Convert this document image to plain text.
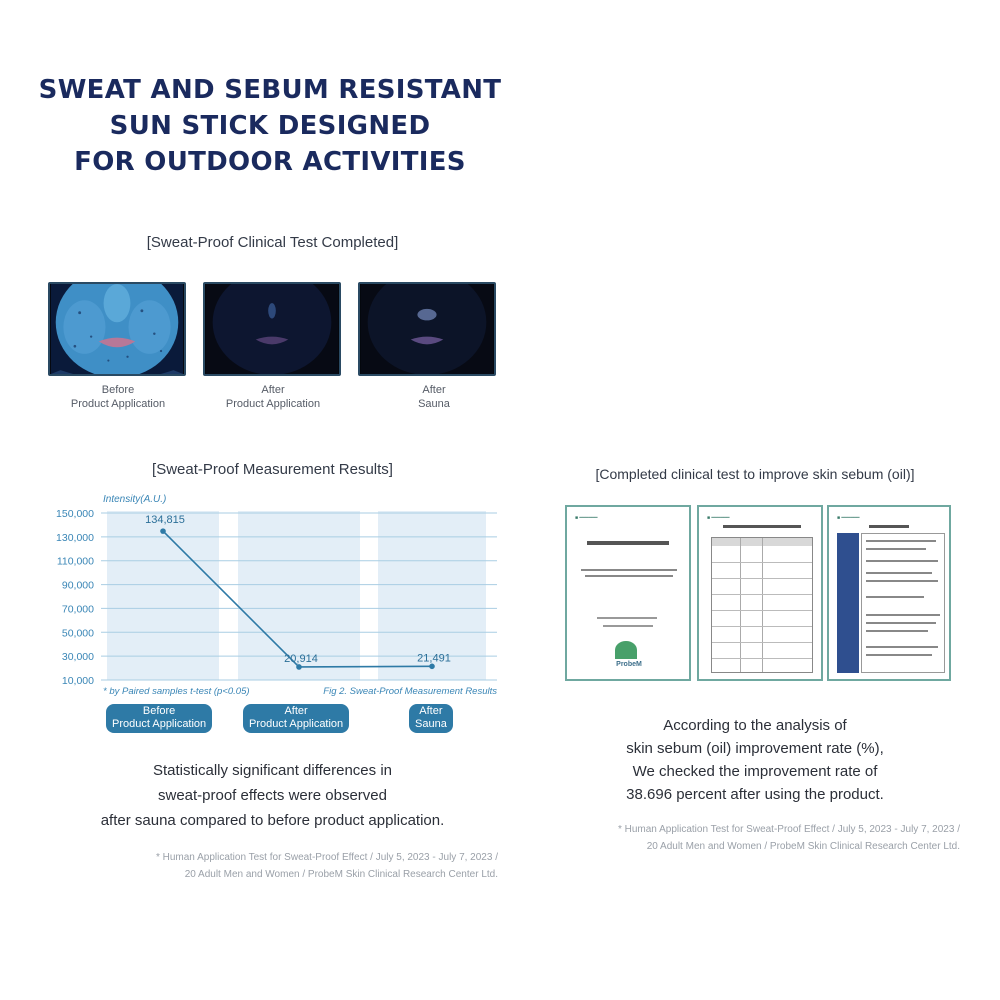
SWEAT AND SEBUM RESISTANT
SUN STICK DESIGNED
FOR OUTDOOR ACTIVITIES
[Sweat-Proof Clinical Test Completed]
Before
Product Application
After
Product Application
After
Sauna
[Sweat-Proof Measurement Results]
150,000
130,000
110,000
90,000
70,000
50,000
30,000
10,000
Intensity(A.U.)
134,815
20,914	21,491
* by Paired samples t-test (p<0.05)	Fig 2. Sweat-Proof Measurement Results
Before
Product Application
After
Product Application
After
Sauna
Statistically significant differences in
sweat-proof effects were observed
after sauna compared to before product application.
* Human Application Test for Sweat-Proof Effect / July 5, 2023 - July 7, 2023 /
20 Adult Men and Women / ProbeM Skin Clinical Research Center Ltd.
[Completed clinical test to improve skin sebum (oil)]
■ ━━━━━━
ProbeM
■ ━━━━━━	■ ━━━━━━
According to the analysis of
skin sebum (oil) improvement rate (%),
We checked the improvement rate of
38.696 percent after using the product.
* Human Application Test for Sweat-Proof Effect / July 5, 2023 - July 7, 2023 /
20 Adult Men and Women / ProbeM Skin Clinical Research Center Ltd.
